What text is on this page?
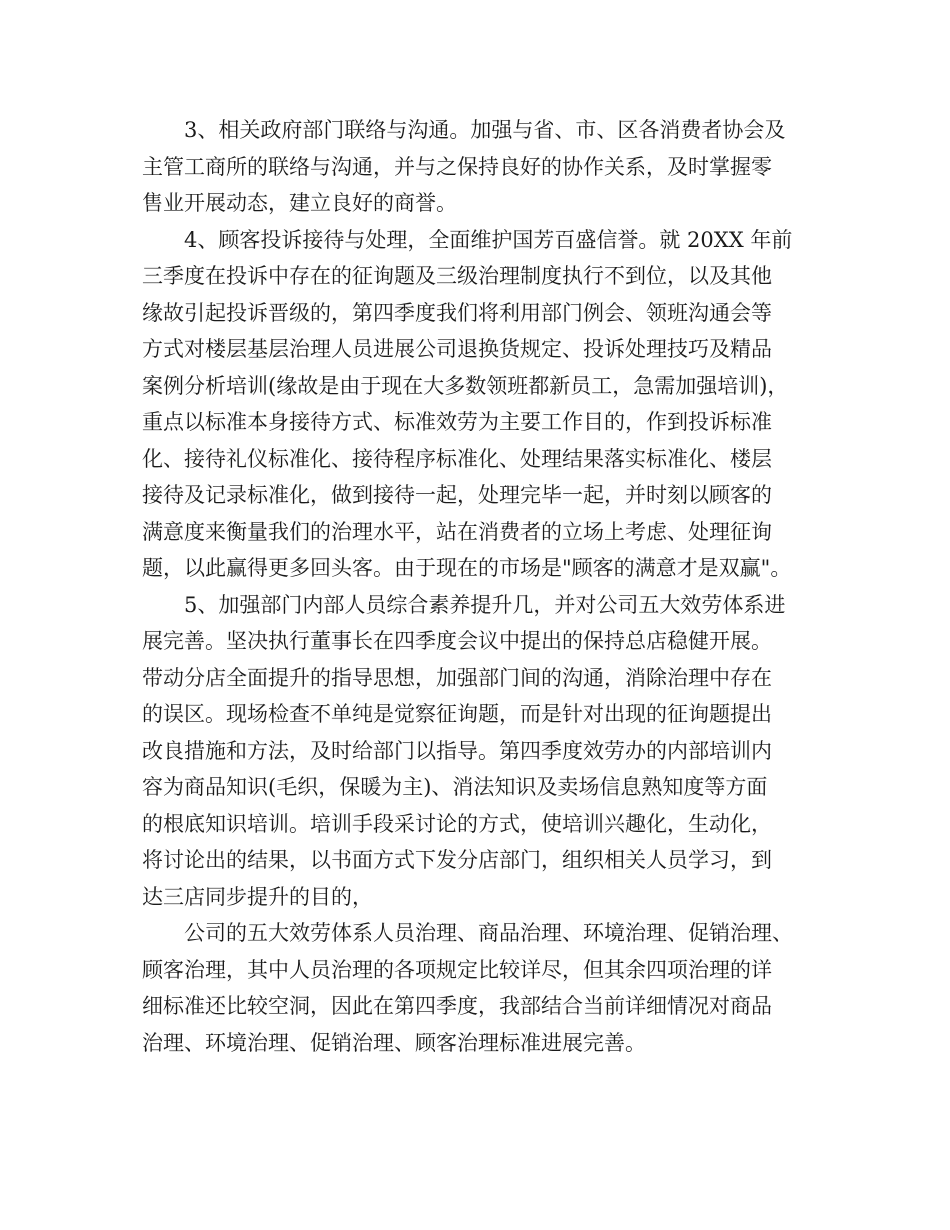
3、相关政府部门联络与沟通。加强与省、市、区各消费者协会及
主管工商所的联络与沟通，并与之保持良好的协作关系，及时掌握零
售业开展动态，建立良好的商誉。
4、顾客投诉接待与处理，全面维护国芳百盛信誉。就 20XX 年前
三季度在投诉中存在的征询题及三级治理制度执行不到位，以及其他
缘故引起投诉晋级的，第四季度我们将利用部门例会、领班沟通会等
方式对楼层基层治理人员进展公司退换货规定、投诉处理技巧及精品
案例分析培训(缘故是由于现在大多数领班都新员工，急需加强培训)，
重点以标准本身接待方式、标准效劳为主要工作目的，作到投诉标准
化、接待礼仪标准化、接待程序标准化、处理结果落实标准化、楼层
接待及记录标准化，做到接待一起，处理完毕一起，并时刻以顾客的
满意度来衡量我们的治理水平，站在消费者的立场上考虑、处理征询
题，以此赢得更多回头客。由于现在的市场是"顾客的满意才是双赢"。
5、加强部门内部人员综合素养提升几，并对公司五大效劳体系进
展完善。坚决执行董事长在四季度会议中提出的保持总店稳健开展。
带动分店全面提升的指导思想，加强部门间的沟通，消除治理中存在
的误区。现场检查不单纯是觉察征询题，而是针对出现的征询题提出
改良措施和方法，及时给部门以指导。第四季度效劳办的内部培训内
容为商品知识(毛织，保暖为主)、消法知识及卖场信息熟知度等方面
的根底知识培训。培训手段采讨论的方式，使培训兴趣化，生动化，
将讨论出的结果，以书面方式下发分店部门，组织相关人员学习，到
达三店同步提升的目的，
公司的五大效劳体系人员治理、商品治理、环境治理、促销治理、
顾客治理，其中人员治理的各项规定比较详尽，但其余四项治理的详
细标准还比较空洞，因此在第四季度，我部结合当前详细情况对商品
治理、环境治理、促销治理、顾客治理标准进展完善。
